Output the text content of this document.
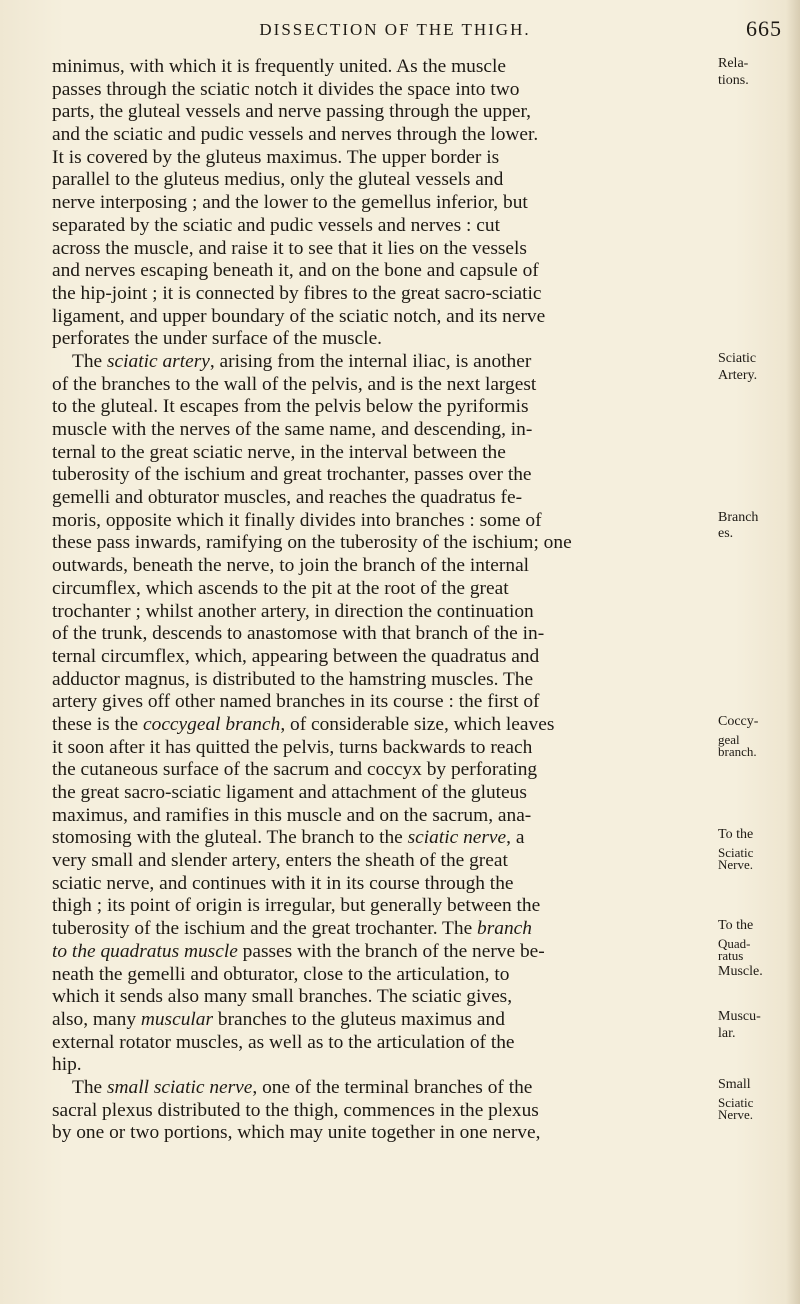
DISSECTION OF THE THIGH.	665
minimus, with which it is frequently united. As the muscle	Rela-
passes through the sciatic notch it divides the space into two	tions.
parts, the gluteal vessels and nerve passing through the upper,
and the sciatic and pudic vessels and nerves through the lower.
It is covered by the gluteus maximus. The upper border is
parallel to the gluteus medius, only the gluteal vessels and
nerve interposing ; and the lower to the gemellus inferior, but
separated by the sciatic and pudic vessels and nerves : cut
across the muscle, and raise it to see that it lies on the vessels
and nerves escaping beneath it, and on the bone and capsule of
the hip-joint ; it is connected by fibres to the great sacro-sciatic
ligament, and upper boundary of the sciatic notch, and its nerve
perforates the under surface of the muscle.
The sciatic artery, arising from the internal iliac, is another	Sciatic
of the branches to the wall of the pelvis, and is the next largest	Artery.
to the gluteal. It escapes from the pelvis below the pyriformis
muscle with the nerves of the same name, and descending, in-
ternal to the great sciatic nerve, in the interval between the
tuberosity of the ischium and great trochanter, passes over the
gemelli and obturator muscles, and reaches the quadratus fe-
moris, opposite which it finally divides into branches : some of	Branch
these pass inwards, ramifying on the tuberosity of the ischium; one	es.
outwards, beneath the nerve, to join the branch of the internal
circumflex, which ascends to the pit at the root of the great
trochanter ; whilst another artery, in direction the continuation
of the trunk, descends to anastomose with that branch of the in-
ternal circumflex, which, appearing between the quadratus and
adductor magnus, is distributed to the hamstring muscles. The
artery gives off other named branches in its course : the first of
these is the coccygeal branch, of considerable size, which leaves	Coccy-
it soon after it has quitted the pelvis, turns backwards to reach	geal
branch.
the cutaneous surface of the sacrum and coccyx by perforating
the great sacro-sciatic ligament and attachment of the gluteus
maximus, and ramifies in this muscle and on the sacrum, ana-
stomosing with the gluteal. The branch to the sciatic nerve, a	To the
very small and slender artery, enters the sheath of the great	Sciatic
Nerve.
sciatic nerve, and continues with it in its course through the
thigh ; its point of origin is irregular, but generally between the
tuberosity of the ischium and the great trochanter. The branch	To the
to the quadratus muscle passes with the branch of the nerve be-	Quad-
ratus
neath the gemelli and obturator, close to the articulation, to	Muscle.
which it sends also many small branches. The sciatic gives,
also, many muscular branches to the gluteus maximus and	Muscu-
external rotator muscles, as well as to the articulation of the	lar.
hip.
The small sciatic nerve, one of the terminal branches of the	Small
sacral plexus distributed to the thigh, commences in the plexus	Sciatic
Nerve.
by one or two portions, which may unite together in one nerve,
